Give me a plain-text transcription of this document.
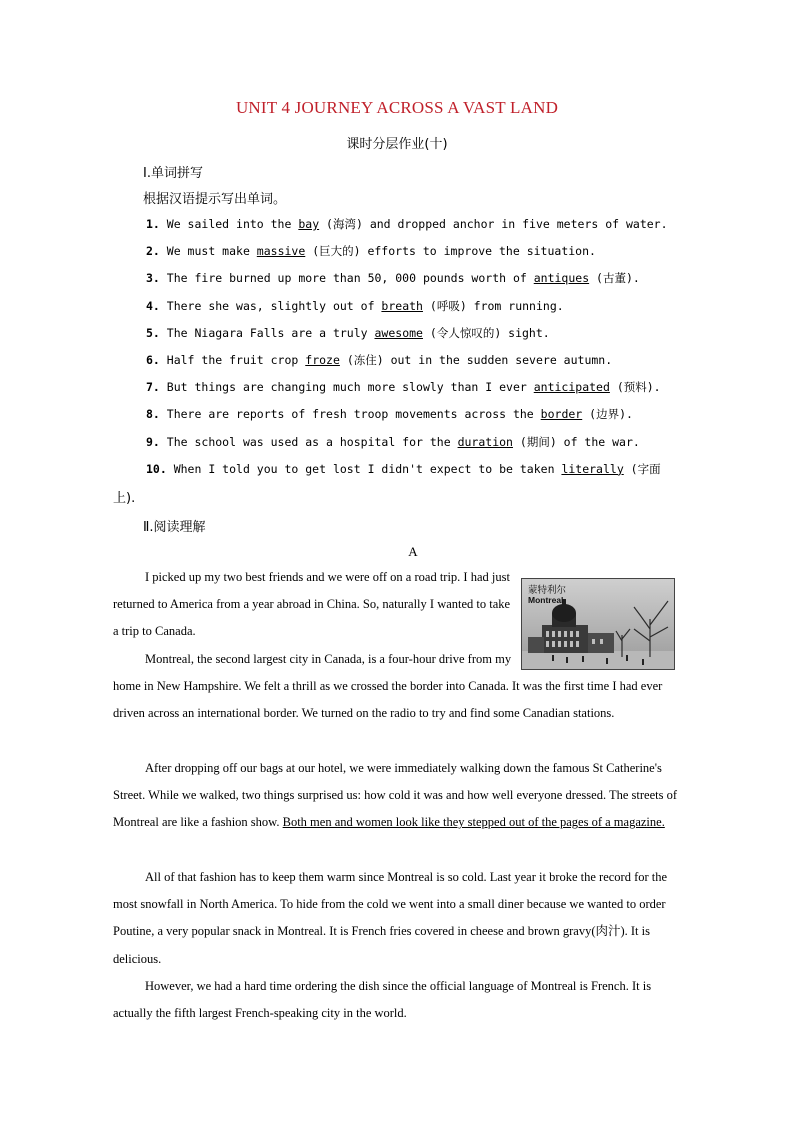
UNIT 4 JOURNEY ACROSS A VAST LAND
课时分层作业(十)
Ⅰ.单词拼写
根据汉语提示写出单词。
1. We sailed into the bay (海湾) and dropped anchor in five meters of water.
2. We must make massive (巨大的) efforts to improve the situation.
3. The fire burned up more than 50, 000 pounds worth of antiques (古董).
4. There she was, slightly out of breath (呼吸) from running.
5. The Niagara Falls are a truly awesome (令人惊叹的) sight.
6. Half the fruit crop froze (冻住) out in the sudden severe autumn.
7. But things are changing much more slowly than I ever anticipated (预料).
8. There are reports of fresh troop movements across the border (边界).
9. The school was used as a hospital for the duration (期间) of the war.
10. When I told you to get lost I didn't expect to be taken literally (字面
上).
Ⅱ.阅读理解
A
蒙特利尔
Montreal
I picked up my two best friends and we were off on a road trip. I had just returned to America from a year abroad in China. So, naturally I wanted to take a trip to Canada.
Montreal, the second largest city in Canada, is a four-hour drive from my home in New Hampshire. We felt a thrill as we crossed the border into Canada. It was the first time I had ever driven across an international border. We turned on the radio to try and find some Canadian stations.
After dropping off our bags at our hotel, we were immediately walking down the famous St Catherine's Street. While we walked, two things surprised us: how cold it was and how well everyone dressed. The streets of Montreal are like a fashion show. Both men and women look like they stepped out of the pages of a magazine.
All of that fashion has to keep them warm since Montreal is so cold. Last year it broke the record for the most snowfall in North America. To hide from the cold we went into a small diner because we wanted to order Poutine, a very popular snack in Montreal. It is French fries covered in cheese and brown gravy(肉汁). It is delicious.
However, we had a hard time ordering the dish since the official language of Montreal is French. It is actually the fifth largest French-speaking city in the world.
